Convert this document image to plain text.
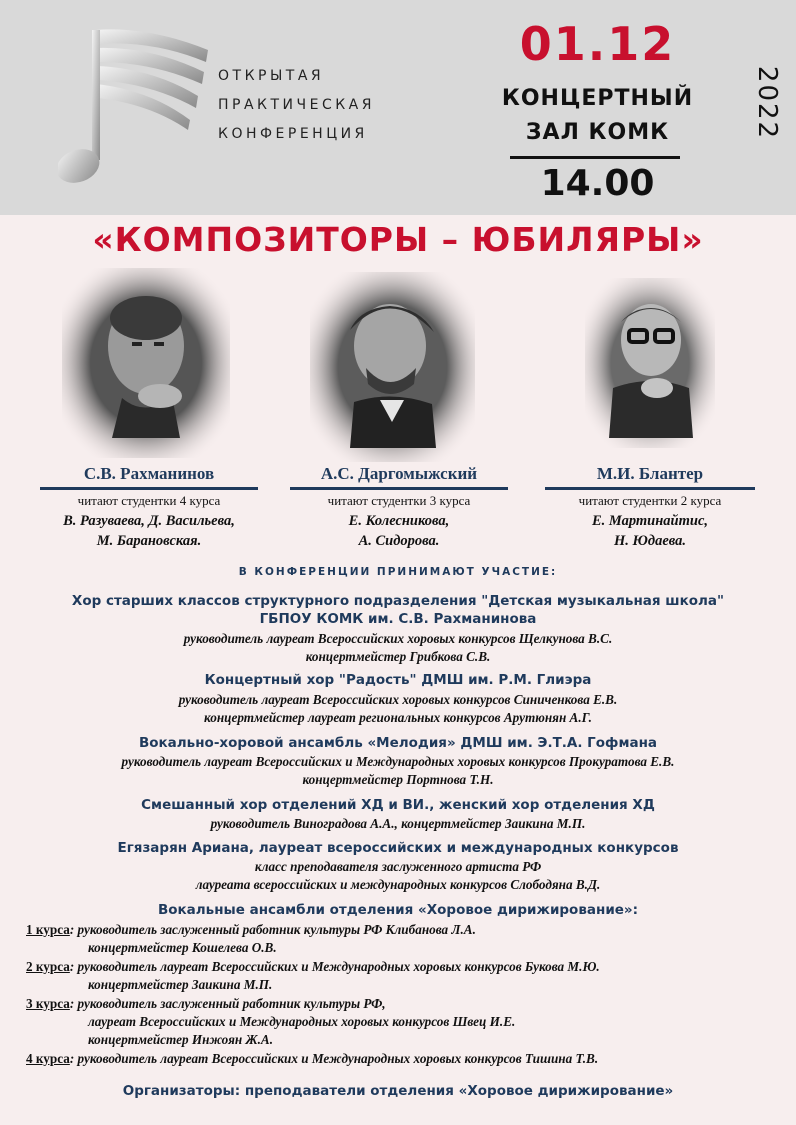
ОТКРЫТАЯ
ПРАКТИЧЕСКАЯ
КОНФЕРЕНЦИЯ
01.12
КОНЦЕРТНЫЙ
ЗАЛ КОМК
14.00
2022
«КОМПОЗИТОРЫ – ЮБИЛЯРЫ»
С.В. Рахманинов
читают студентки 4 курса
В. Разуваева, Д. Васильева,
М. Барановская.
А.С. Даргомыжский
читают студентки 3 курса
Е. Колесникова,
А. Сидорова.
М.И. Блантер
читают студентки 2 курса
Е. Мартинайтис,
Н. Юдаева.
В КОНФЕРЕНЦИИ ПРИНИМАЮТ УЧАСТИЕ:
Хор старших классов структурного подразделения "Детская музыкальная школа"
ГБПОУ КОМК им. С.В. Рахманинова
руководитель лауреат Всероссийских хоровых конкурсов Щелкунова В.С.
концертмейстер Грибкова С.В.
Концертный хор "Радость" ДМШ им. Р.М. Глиэра
руководитель лауреат Всероссийских хоровых конкурсов Синиченкова Е.В.
концертмейстер лауреат региональных конкурсов Арутюнян А.Г.
Вокально-хоровой ансамбль «Мелодия» ДМШ им. Э.Т.А. Гофмана
руководитель лауреат Всероссийских и Международных хоровых конкурсов Прокуратова Е.В.
концертмейстер Портнова Т.Н.
Смешанный хор отделений ХД и ВИ., женский хор отделения ХД
руководитель Виноградова А.А., концертмейстер Заикина М.П.
Егязарян Ариана, лауреат всероссийских и международных конкурсов
класс преподавателя заслуженного артиста РФ
лауреата всероссийских и международных конкурсов Слободяна В.Д.
Вокальные ансамбли отделения «Хоровое дирижирование»:
1 курса: руководитель заслуженный работник культуры РФ Клибанова Л.А.
концертмейстер Кошелева О.В.
2 курса: руководитель лауреат Всероссийских и Международных хоровых конкурсов Букова М.Ю.
концертмейстер Заикина М.П.
3 курса: руководитель заслуженный работник культуры РФ,
лауреат Всероссийских и Международных хоровых конкурсов Швец И.Е.
концертмейстер Инжоян Ж.А.
4 курса: руководитель лауреат Всероссийских и Международных хоровых конкурсов Тишина Т.В.
Организаторы: преподаватели отделения «Хоровое дирижирование»
